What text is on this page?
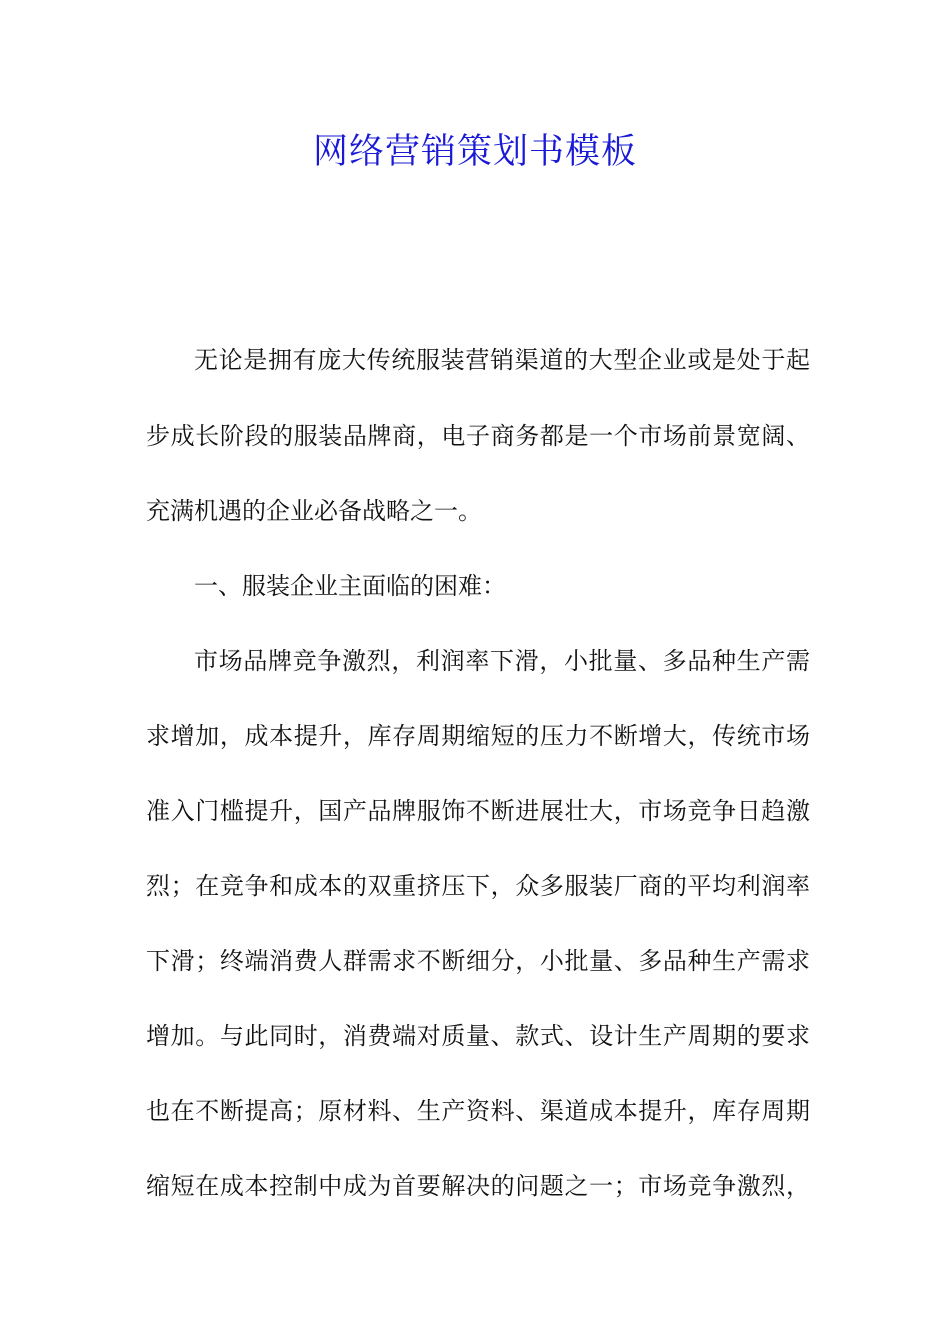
网络营销策划书模板
无论是拥有庞大传统服装营销渠道的大型企业或是处于起
步成长阶段的服装品牌商，电子商务都是一个市场前景宽阔、
充满机遇的企业必备战略之一。
一、服装企业主面临的困难：
市场品牌竞争激烈，利润率下滑，小批量、多品种生产需
求增加，成本提升，库存周期缩短的压力不断增大，传统市场
准入门槛提升，国产品牌服饰不断进展壮大，市场竞争日趋激
烈；在竞争和成本的双重挤压下，众多服装厂商的平均利润率
下滑；终端消费人群需求不断细分，小批量、多品种生产需求
增加。与此同时，消费端对质量、款式、设计生产周期的要求
也在不断提高；原材料、生产资料、渠道成本提升，库存周期
缩短在成本控制中成为首要解决的问题之一；市场竞争激烈，
